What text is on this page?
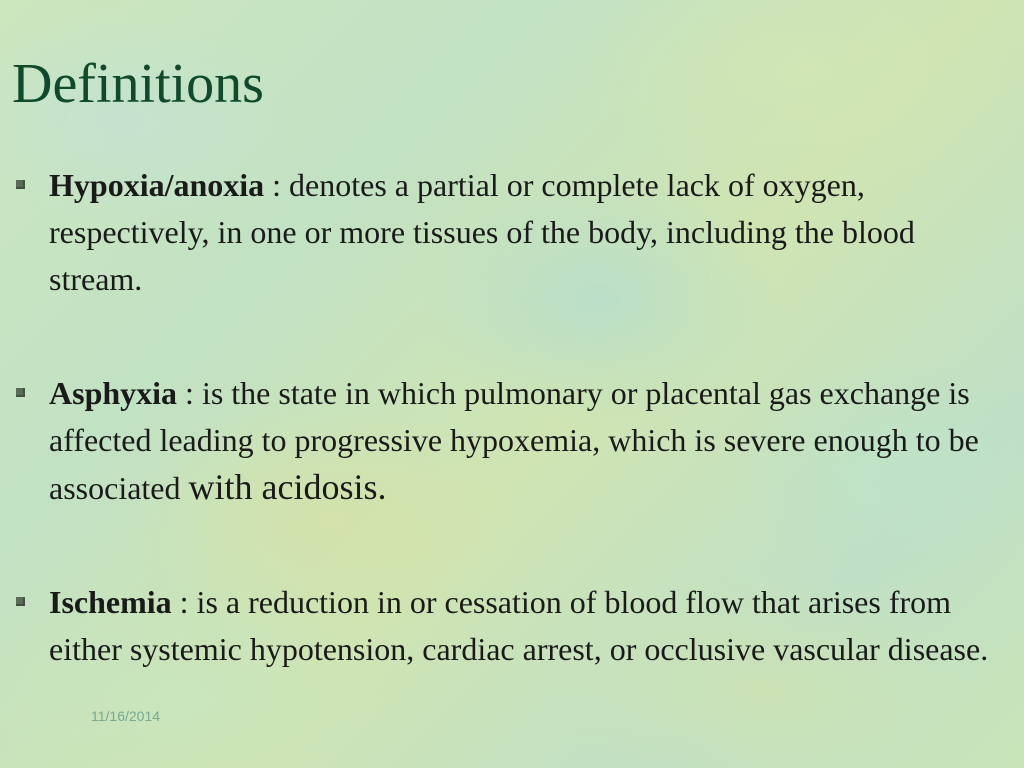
Definitions
Hypoxia/anoxia : denotes a partial or complete lack of oxygen, respectively, in one or more tissues of the body, including the blood stream.
Asphyxia : is the state in which pulmonary or placental gas exchange is affected leading to progressive hypoxemia, which is severe enough to be associated with acidosis.
Ischemia : is a reduction in or cessation of blood flow that arises from either systemic hypotension, cardiac arrest, or occlusive vascular disease.
11/16/2014
